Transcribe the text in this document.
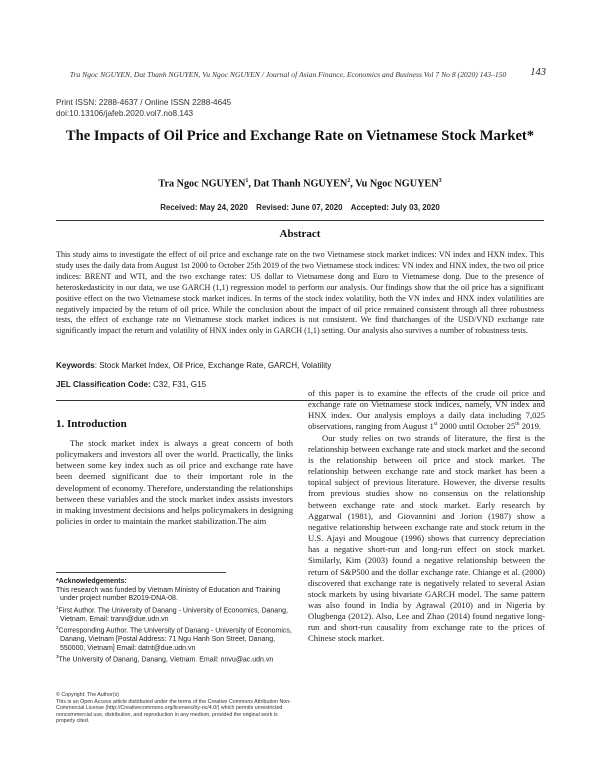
Tra Ngoc NGUYEN, Dat Thanh NGUYEN, Vu Ngoc NGUYEN / Journal of Asian Finance, Economics and Business Vol 7 No 8 (2020) 143–150	143
Print ISSN: 2288-4637 / Online ISSN 2288-4645
doi:10.13106/jafeb.2020.vol7.no8.143
The Impacts of Oil Price and Exchange Rate on Vietnamese Stock Market*
Tra Ngoc NGUYEN$^1$, Dat Thanh NGUYEN$^2$, Vu Ngoc NGUYEN$^3$
Received: May 24, 2020 Revised: June 07, 2020 Accepted: July 03, 2020
Abstract
This study aims to investigate the effect of oil price and exchange rate on the two Vietnamese stock market indices: VN index and HXN index. This study uses the daily data from August 1st 2000 to October 25th 2019 of the two Vietnamese stock indices: VN index and HNX index, the two oil price indices: BRENT and WTI, and the two exchange rates: US dollar to Vietnamese dong and Euro to Vietnamese dong. Due to the presence of heteroskedasticity in our data, we use GARCH (1,1) regression model to perform our analysis. Our findings show that the oil price has a significant positive effect on the two Vietnamese stock market indices. In terms of the stock index volatility, both the VN index and HNX index volatilities are negatively impacted by the return of oil price. While the conclusion about the impact of oil price remained consistent through all three robustness tests, the effect of exchange rate on Vietnamese stock market indices is not consistent. We find thatchanges of the USD/VND exchange rate significantly impact the return and volatility of HNX index only in GARCH (1,1) setting. Our analysis also survives a number of robustness tests.
Keywords: Stock Market Index, Oil Price, Exchange Rate, GARCH, Volatility
JEL Classification Code: C32, F31, G15
1. Introduction

The stock market index is always a great concern of both policymakers and investors all over the world. Practically, the links between some key index such as oil price and exchange rate have been deemed significant due to their important role in the development of economy. Therefore, understanding the relationships between these variables and the stock market index assists investors in making investment decisions and helps policymakers in designing policies in order to maintain the market stabilization.The aim

of this paper is to examine the effects of the crude oil price and exchange rate on Vietnamese stock indices, namely, VN index and HNX index. Our analysis employs a daily data including 7,025 observations, ranging from August 1st 2000 until October 25th 2019.

Our study relies on two strands of literature, the first is the relationship between exchange rate and stock market and the second is the relationship between oil price and stock market. The relationship between exchange rate and stock market has been a topical subject of previous literature. However, the diverse results from previous studies show no consensus on the relationship between exchange rate and stock market. Early research by Aggarwal (1981), and Giovannini and Jorion (1987) show a negative relationship between exchange rate and stock return in the U.S. Ajayi and Mougoue (1996) shows that currency depreciation has a negative short-run and long-run effect on stock market. Similarly, Kim (2003) found a negative relationship between the return of S&P500 and the dollar exchange rate. Chiange et al. (2000) discovered that exchange rate is negatively related to several Asian stock markets by using bivariate GARCH model. The same pattern was also found in India by Agrawal (2010) and in Nigeria by Olugbenga (2012). Also, Lee and Zhao (2014) found negative long-run and short-run causality from exchange rate to the prices of Chinese stock market.

*Acknowledgements:

This research was funded by Vietnam Ministry of Education and Training under project number B2019-DNA-08.

$^1$First Author. The University of Danang - University of Economics, Danang, Vietnam. Email: trann@due.udn.vn

$^2$Corresponding Author. The University of Danang - University of Economics, Danang, Vietnam [Postal Address: 71 Ngu Hanh Son Street, Danang, 550000, Vietnam] Email: datnt@due.udn.vn

$^3$The University of Danang, Danang, Vietnam. Email: nnvu@ac.udn.vn

© Copyright: The Author(s)

This is an Open Access article distributed under the terms of the Creative Commons Attribution Non-Commercial License (http://Creativecommons.org/licenses/by-nc/4.0/) which permits unrestricted noncommercial use, distribution, and reproduction in any medium, provided the original work is properly cited.
